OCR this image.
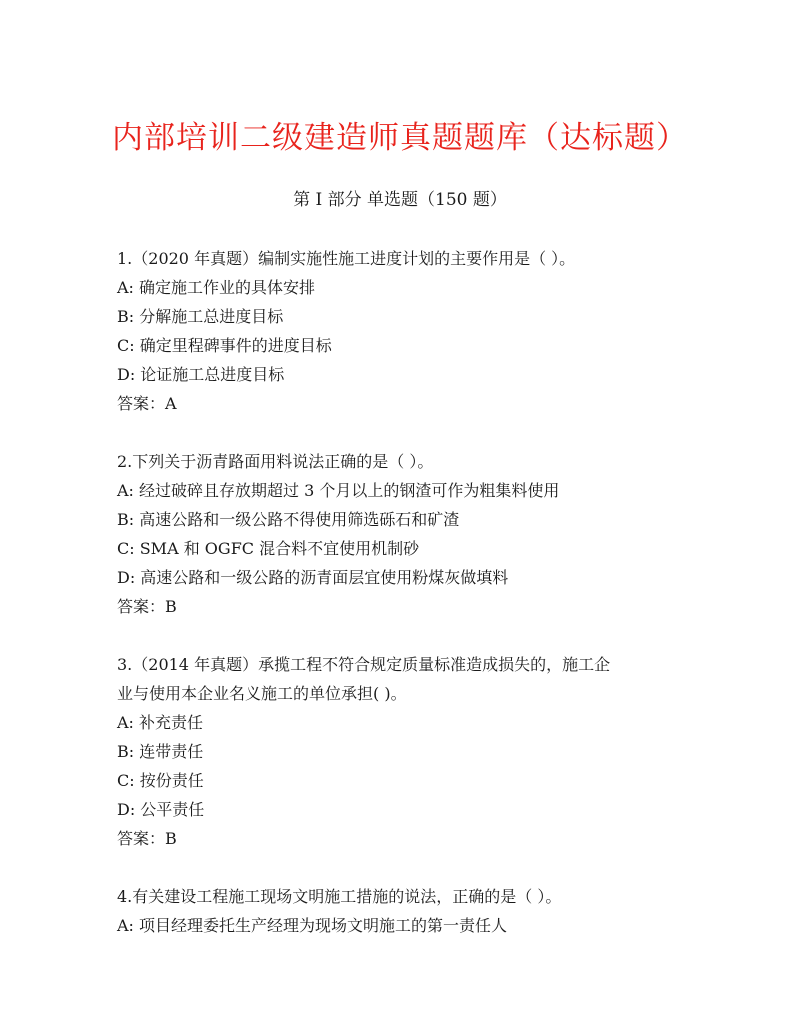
内部培训二级建造师真题题库（达标题）
第 I 部分 单选题（150 题）
1.（2020 年真题）编制实施性施工进度计划的主要作用是（ ）。
A: 确定施工作业的具体安排
B: 分解施工总进度目标
C: 确定里程碑事件的进度目标
D: 论证施工总进度目标
答案：A
2.下列关于沥青路面用料说法正确的是（ ）。
A: 经过破碎且存放期超过 3 个月以上的钢渣可作为粗集料使用
B: 高速公路和一级公路不得使用筛选砾石和矿渣
C: SMA 和 OGFC 混合料不宜使用机制砂
D: 高速公路和一级公路的沥青面层宜使用粉煤灰做填料
答案：B
3.（2014 年真题）承揽工程不符合规定质量标准造成损失的，施工企
业与使用本企业名义施工的单位承担( )。
A: 补充责任
B: 连带责任
C: 按份责任
D: 公平责任
答案：B
4.有关建设工程施工现场文明施工措施的说法，正确的是（ ）。
A: 项目经理委托生产经理为现场文明施工的第一责任人
